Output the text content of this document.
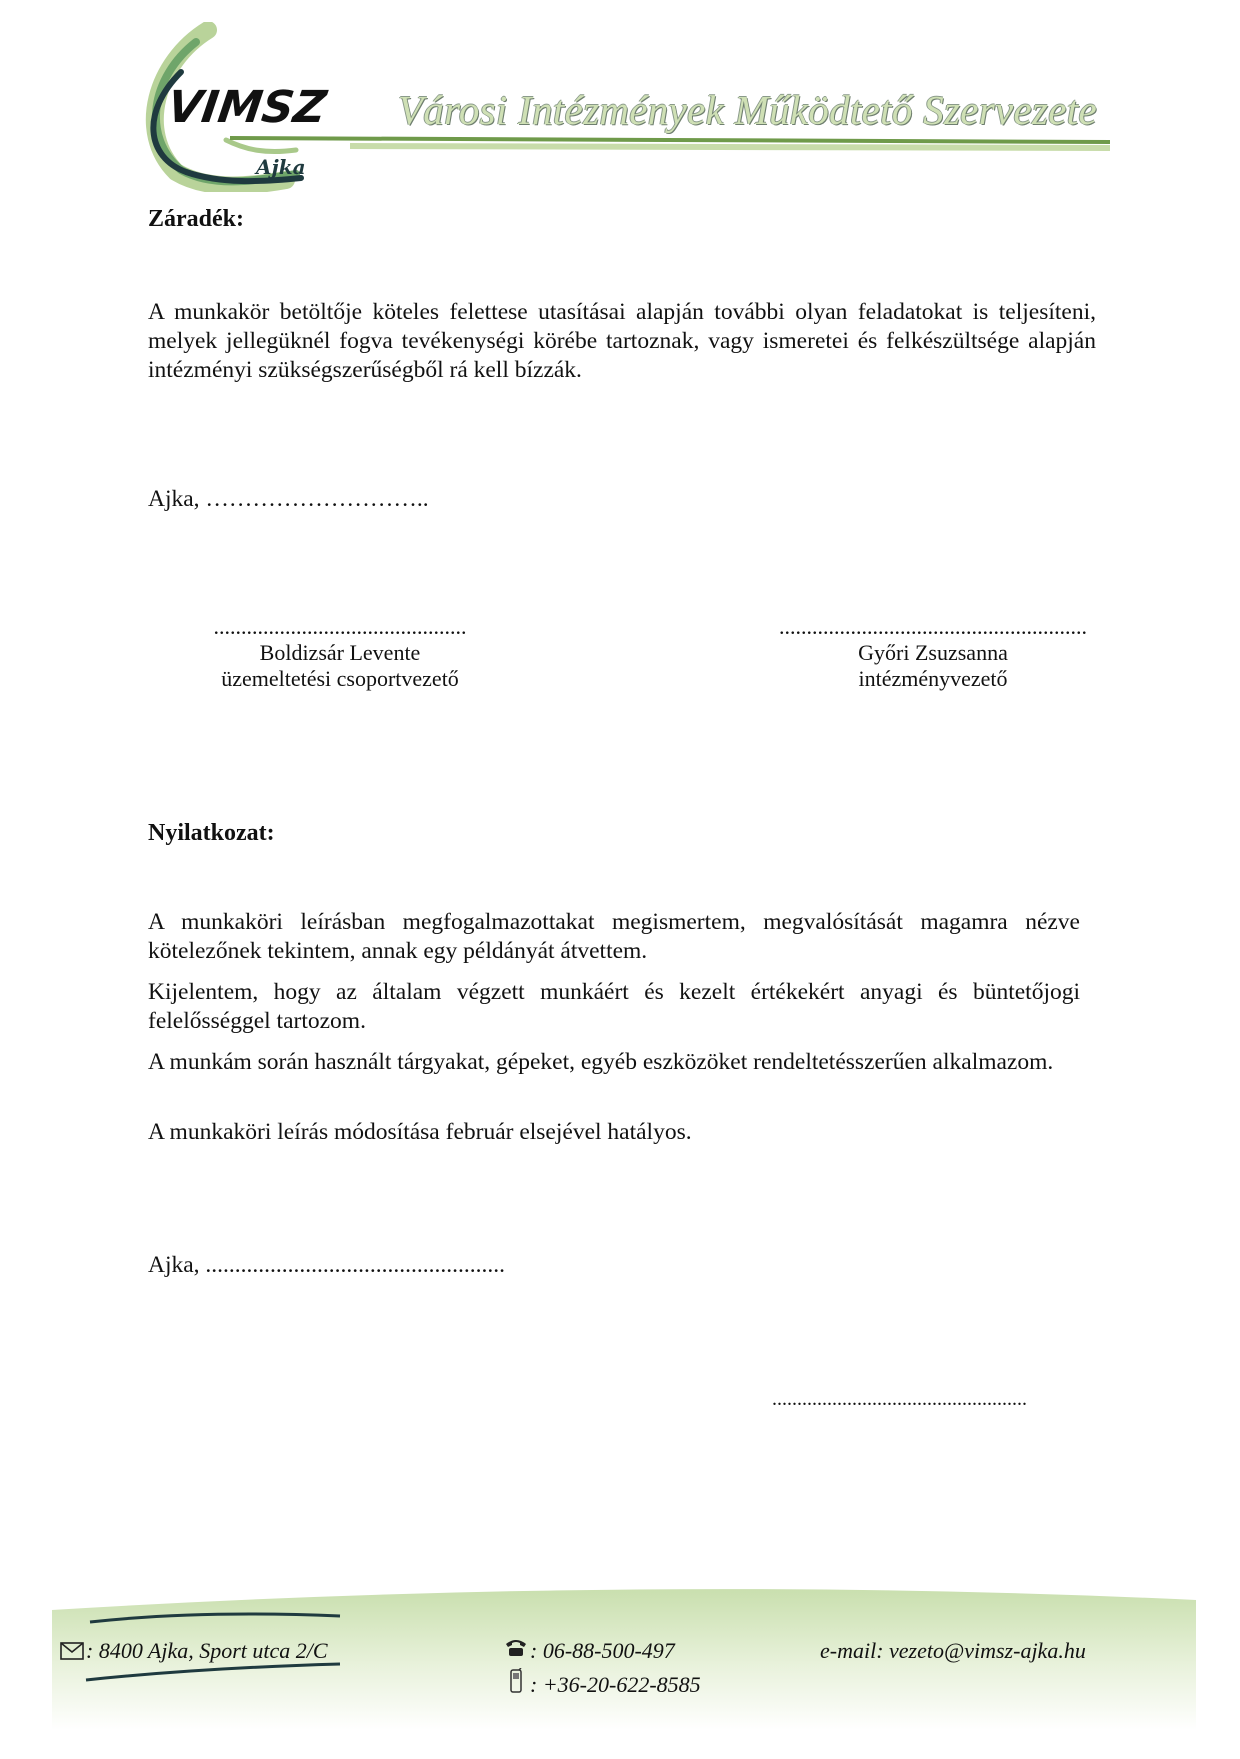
VIMSZ
Ajka
Városi Intézmények Működtető Szervezete
Záradék:
A munkakör betöltője köteles felettese utasításai alapján további olyan feladatokat is teljesíteni, melyek jellegüknél fogva tevékenységi körébe tartoznak, vagy ismeretei és felkészültsége alapján intézményi szükségszerűségből rá kell bízzák.
Ajka, ………………………..
..............................................
Boldizsár Levente
üzemeltetési csoportvezető
........................................................
Győri Zsuzsanna
intézményvezető
Nyilatkozat:
A munkaköri leírásban megfogalmazottakat megismertem, megvalósítását magamra nézve kötelezőnek tekintem, annak egy példányát átvettem.
Kijelentem, hogy az általam végzett munkáért és kezelt értékekért anyagi és büntetőjogi felelősséggel tartozom.
A munkám során használt tárgyakat, gépeket, egyéb eszközöket rendeltetésszerűen alkalmazom.
A munkaköri leírás módosítása február elsejével hatályos.
Ajka, ...................................................
...................................................
: 8400 Ajka, Sport utca 2/C	: 06-88-500-497
: +36-20-622-8585
e-mail: vezeto@vimsz-ajka.hu
